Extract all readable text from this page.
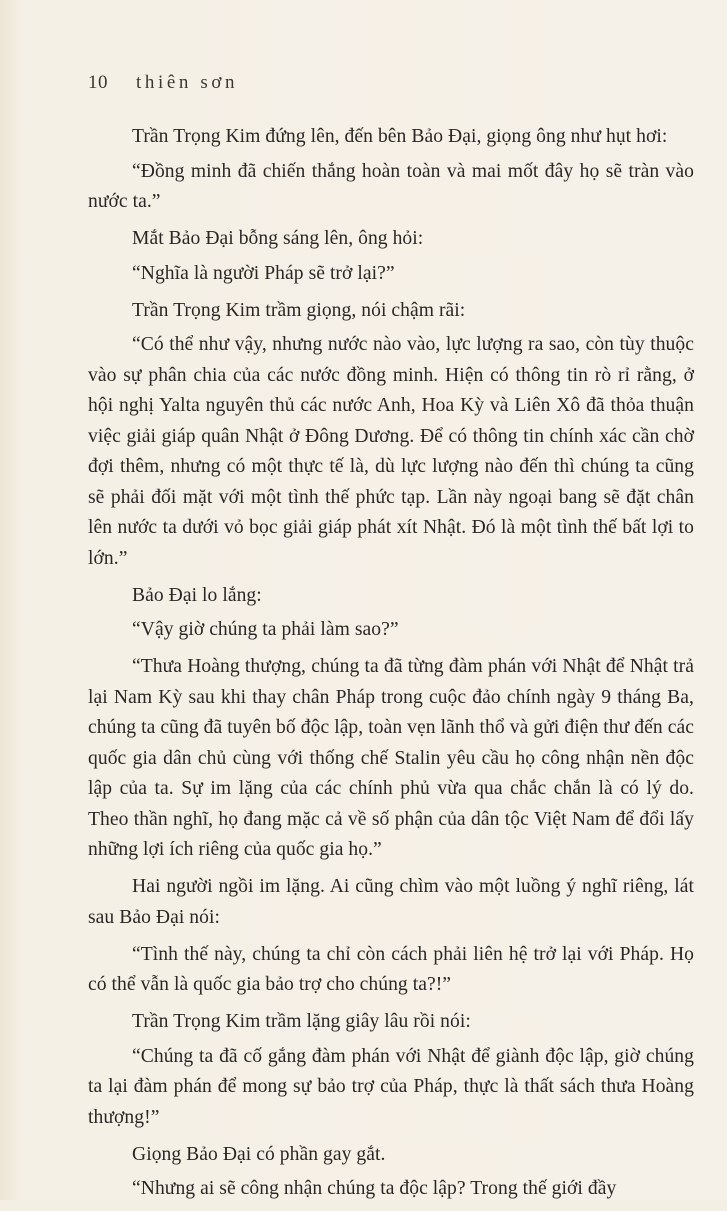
10	thiên sơn

Trần Trọng Kim đứng lên, đến bên Bảo Đại, giọng ông như hụt hơi:

“Đồng minh đã chiến thắng hoàn toàn và mai mốt đây họ sẽ tràn vào nước ta.”

Mắt Bảo Đại bỗng sáng lên, ông hỏi:

“Nghĩa là người Pháp sẽ trở lại?”

Trần Trọng Kim trầm giọng, nói chậm rãi:

“Có thể như vậy, nhưng nước nào vào, lực lượng ra sao, còn tùy thuộc vào sự phân chia của các nước đồng minh. Hiện có thông tin rò rỉ rằng, ở hội nghị Yalta nguyên thủ các nước Anh, Hoa Kỳ và Liên Xô đã thỏa thuận việc giải giáp quân Nhật ở Đông Dương. Để có thông tin chính xác cần chờ đợi thêm, nhưng có một thực tế là, dù lực lượng nào đến thì chúng ta cũng sẽ phải đối mặt với một tình thế phức tạp. Lần này ngoại bang sẽ đặt chân lên nước ta dưới vỏ bọc giải giáp phát xít Nhật. Đó là một tình thế bất lợi to lớn.”

Bảo Đại lo lắng:

“Vậy giờ chúng ta phải làm sao?”

“Thưa Hoàng thượng, chúng ta đã từng đàm phán với Nhật để Nhật trả lại Nam Kỳ sau khi thay chân Pháp trong cuộc đảo chính ngày 9 tháng Ba, chúng ta cũng đã tuyên bố độc lập, toàn vẹn lãnh thổ và gửi điện thư đến các quốc gia dân chủ cùng với thống chế Stalin yêu cầu họ công nhận nền độc lập của ta. Sự im lặng của các chính phủ vừa qua chắc chắn là có lý do. Theo thần nghĩ, họ đang mặc cả về số phận của dân tộc Việt Nam để đổi lấy những lợi ích riêng của quốc gia họ.”

Hai người ngồi im lặng. Ai cũng chìm vào một luồng ý nghĩ riêng, lát sau Bảo Đại nói:

“Tình thế này, chúng ta chỉ còn cách phải liên hệ trở lại với Pháp. Họ có thể vẫn là quốc gia bảo trợ cho chúng ta?!”

Trần Trọng Kim trầm lặng giây lâu rồi nói:

“Chúng ta đã cố gắng đàm phán với Nhật để giành độc lập, giờ chúng ta lại đàm phán để mong sự bảo trợ của Pháp, thực là thất sách thưa Hoàng thượng!”

Giọng Bảo Đại có phần gay gắt.

“Nhưng ai sẽ công nhận chúng ta độc lập? Trong thế giới đầy
